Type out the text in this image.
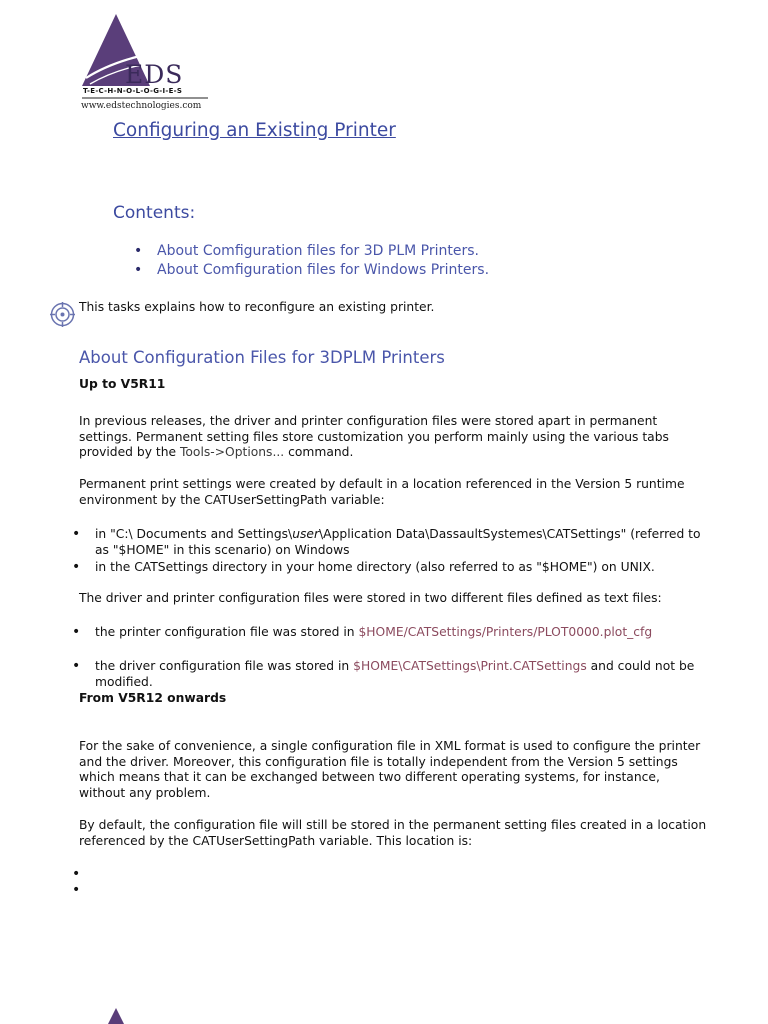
EDS
T-E-C-H-N-O-L-O-G-I-E-S
www.edstechnologies.com
Configuring an Existing Printer
Contents:
• About Comfiguration files for 3D PLM Printers.
• About Comfiguration files for Windows Printers.
This tasks explains how to reconfigure an existing printer.
About Configuration Files for 3DPLM Printers
Up to V5R11
In previous releases, the driver and printer configuration files were stored apart in permanent settings. Permanent setting files store customization you perform mainly using the various tabs provided by the Tools->Options... command.
Permanent print settings were created by default in a location referenced in the Version 5 runtime environment by the CATUserSettingPath variable:
• in "C:\ Documents and Settings\user\Application Data\DassaultSystemes\CATSettings" (referred to as "$HOME" in this scenario) on Windows
• in the CATSettings directory in your home directory (also referred to as "$HOME") on UNIX.
The driver and printer configuration files were stored in two different files defined as text files:
• the printer configuration file was stored in $HOME/CATSettings/Printers/PLOT0000.plot_cfg
• the driver configuration file was stored in $HOME\CATSettings\Print.CATSettings and could not be modified.
From V5R12 onwards
For the sake of convenience, a single configuration file in XML format is used to configure the printer and the driver. Moreover, this configuration file is totally independent from the Version 5 settings which means that it can be exchanged between two different operating systems, for instance, without any problem.
By default, the configuration file will still be stored in the permanent setting files created in a location referenced by the CATUserSettingPath variable. This location is:
